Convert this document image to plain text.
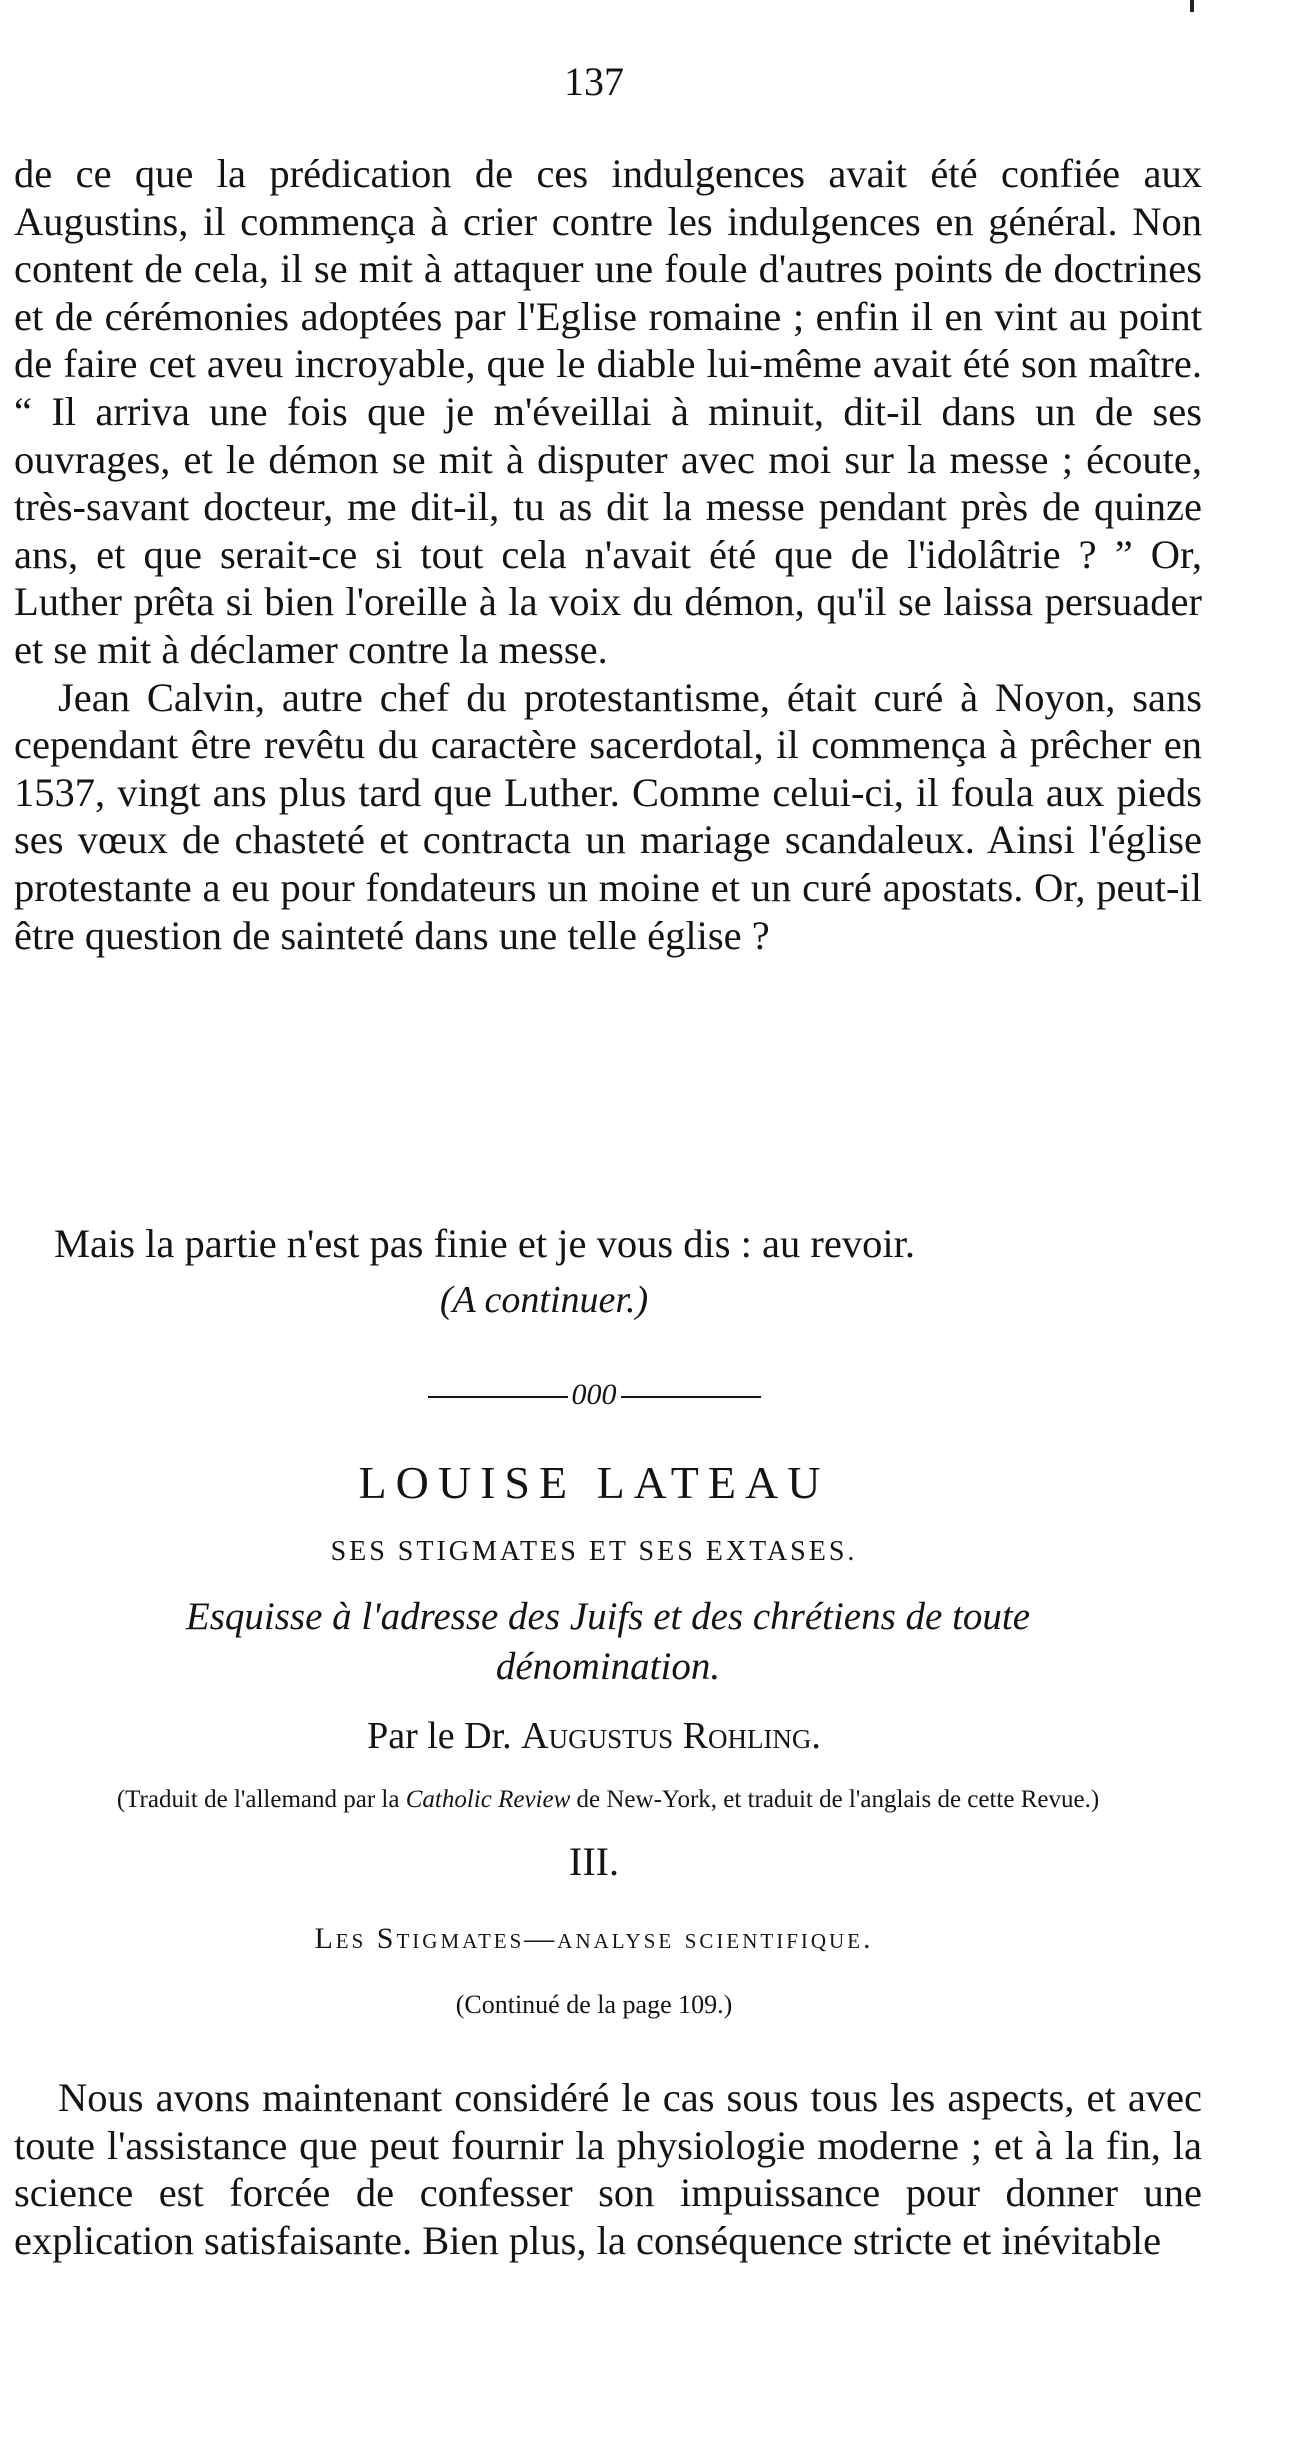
137

de ce que la prédication de ces indulgences avait été confiée aux Augustins, il commença à crier contre les indulgences en général. Non content de cela, il se mit à attaquer une foule d'autres points de doctrines et de cérémonies adoptées par l'Eglise romaine ; enfin il en vint au point de faire cet aveu incroyable, que le diable lui-même avait été son maître. “ Il arriva une fois que je m'éveillai à minuit, dit-il dans un de ses ouvrages, et le démon se mit à disputer avec moi sur la messe ; écoute, très-savant docteur, me dit-il, tu as dit la messe pendant près de quinze ans, et que serait-ce si tout cela n'avait été que de l'idolâtrie ? ” Or, Luther prêta si bien l'oreille à la voix du démon, qu'il se laissa persuader et se mit à déclamer contre la messe.

Jean Calvin, autre chef du protestantisme, était curé à Noyon, sans cependant être revêtu du caractère sacerdotal, il commença à prêcher en 1537, vingt ans plus tard que Luther. Comme celui-ci, il foula aux pieds ses vœux de chasteté et contracta un mariage scandaleux. Ainsi l'église protestante a eu pour fondateurs un moine et un curé apostats. Or, peut-il être question de sainteté dans une telle église ?

Mais la partie n'est pas finie et je vous dis : au revoir.

(A continuer.)
000
LOUISE LATEAU
SES STIGMATES ET SES EXTASES.
Esquisse à l'adresse des Juifs et des chrétiens de toute
dénomination.
Par le Dr. Augustus Rohling.
(Traduit de l'allemand par la Catholic Review de New-York, et traduit de l'anglais de cette Revue.)
III.
Les Stigmates—analyse scientifique.
(Continué de la page 109.)

Nous avons maintenant considéré le cas sous tous les aspects, et avec toute l'assistance que peut fournir la physiologie moderne ; et à la fin, la science est forcée de confesser son impuissance pour donner une explication satisfaisante. Bien plus, la conséquence stricte et inévitable
